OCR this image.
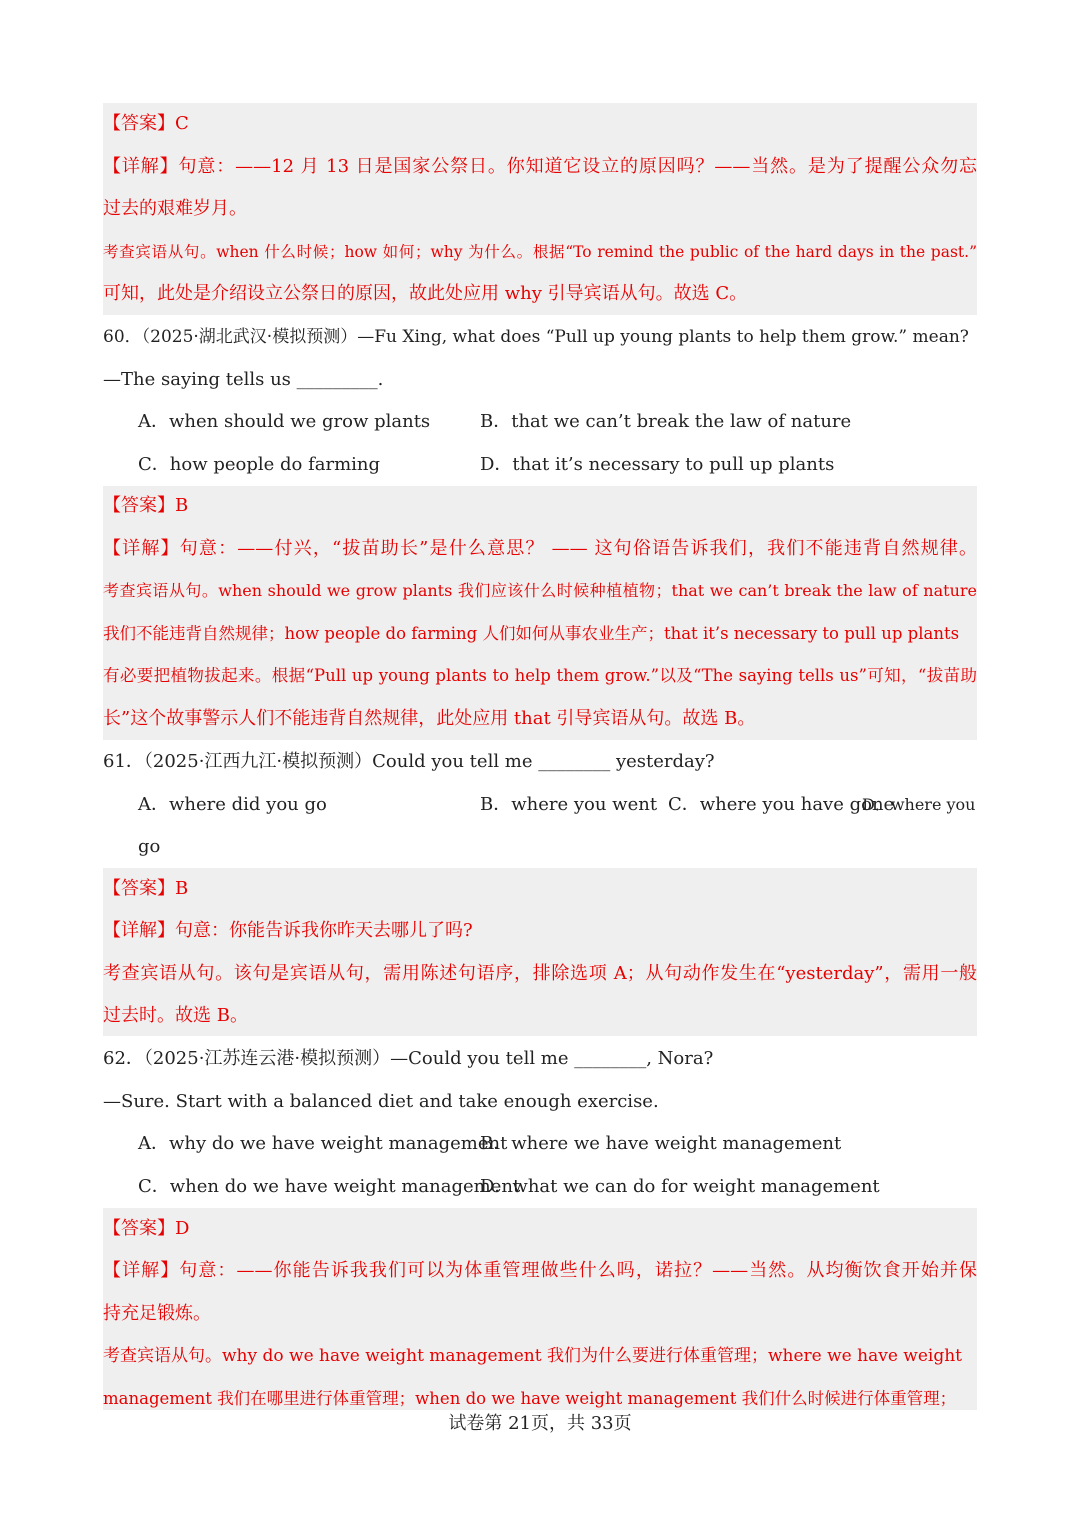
【答案】C
【详解】句意：——12 月 13 日是国家公祭日。你知道它设立的原因吗？——当然。是为了提醒公众勿忘
过去的艰难岁月。
考查宾语从句。when 什么时候；how 如何；why 为什么。根据“To remind the public of the hard days in the past.”
可知，此处是介绍设立公祭日的原因，故此处应用 why 引导宾语从句。故选 C。
60．（2025·湖北武汉·模拟预测）—Fu Xing, what does “Pull up young plants to help them grow.” mean?
—The saying tells us _________.
A．when should we grow plants	B．that we can’t break the law of nature
C．how people do farming	D．that it’s necessary to pull up plants
【答案】B
【详解】句意：——付兴，“拔苗助长”是什么意思？ —— 这句俗语告诉我们，我们不能违背自然规律。
考查宾语从句。when should we grow plants 我们应该什么时候种植植物；that we can’t break the law of nature
我们不能违背自然规律；how people do farming 人们如何从事农业生产；that it’s necessary to pull up plants
有必要把植物拔起来。根据“Pull up young plants to help them grow.”以及“The saying tells us”可知，“拔苗助
长”这个故事警示人们不能违背自然规律，此处应用 that 引导宾语从句。故选 B。
61．（2025·江西九江·模拟预测）Could you tell me ________ yesterday?
A．where did you go	B．where you went C．where you have gone
D．where you
go
【答案】B
【详解】句意：你能告诉我你昨天去哪儿了吗?
考查宾语从句。该句是宾语从句，需用陈述句语序，排除选项 A；从句动作发生在“yesterday”，需用一般
过去时。故选 B。
62．（2025·江苏连云港·模拟预测）—Could you tell me ________, Nora?
—Sure. Start with a balanced diet and take enough exercise.
A．why do we have weight management
B．where we have weight management
C．when do we have weight management
D．what we can do for weight management
【答案】D
【详解】句意：——你能告诉我我们可以为体重管理做些什么吗，诺拉？——当然。从均衡饮食开始并保
持充足锻炼。
考查宾语从句。why do we have weight management 我们为什么要进行体重管理；where we have weight
management 我们在哪里进行体重管理；when do we have weight management 我们什么时候进行体重管理；
试卷第 21页，共 33页
